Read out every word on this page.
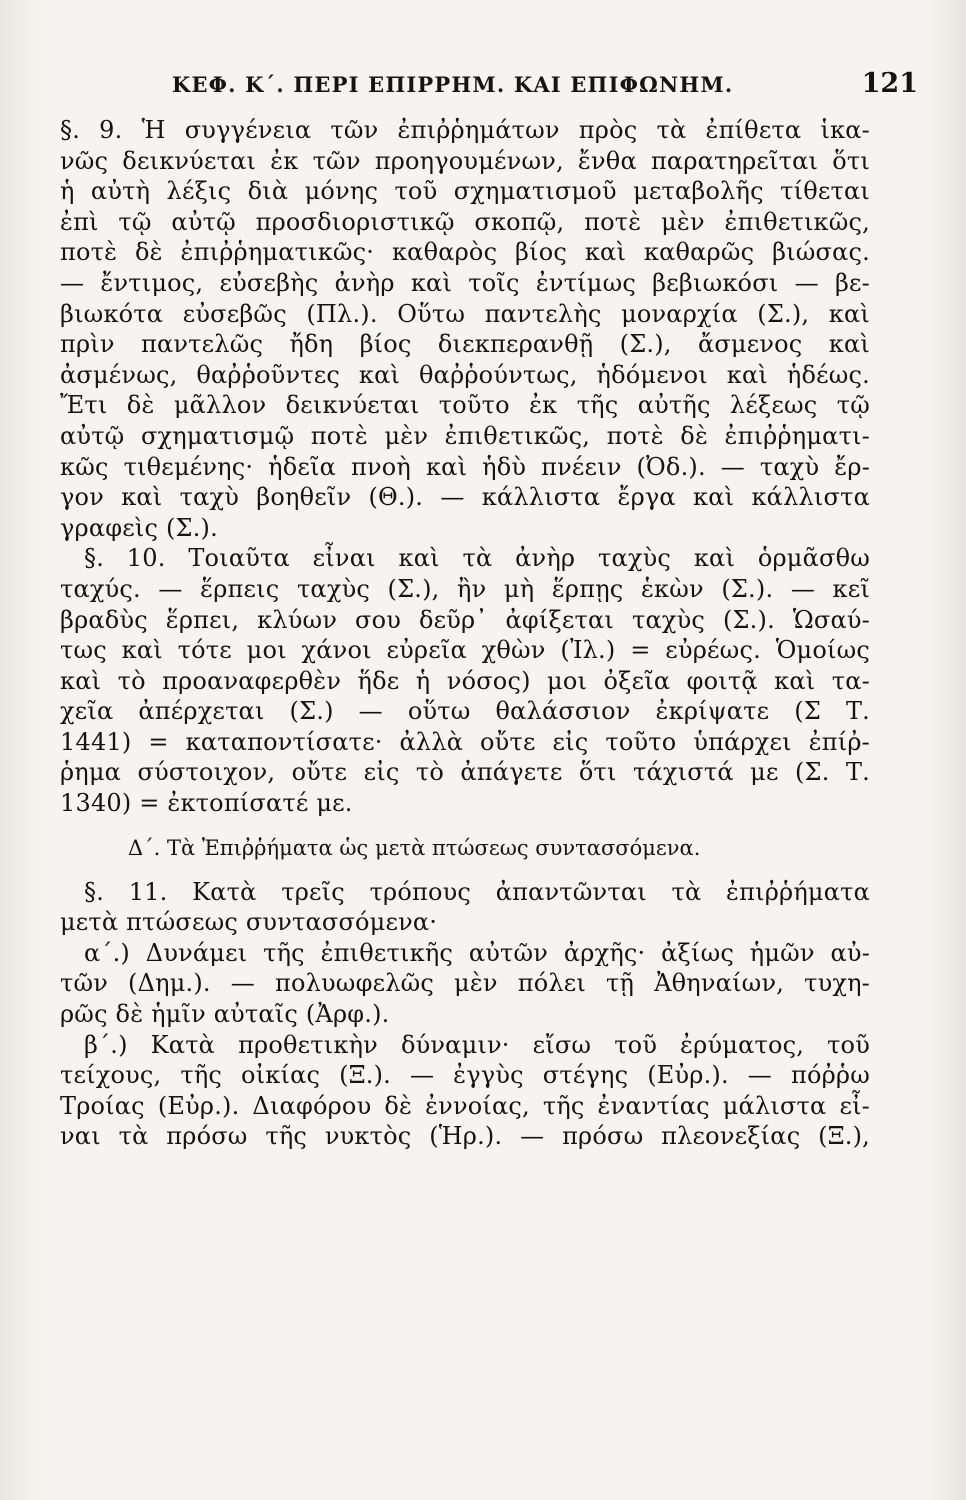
ΚΕΦ. Κ΄. ΠΕΡΙ ΕΠΙΡΡΗΜ. ΚΑΙ ΕΠΙΦΩΝΗΜ.	121
§. 9. Ἡ συγγένεια τῶν ἐπιῤῥημάτων πρὸς τὰ ἐπίθετα ἱκα-
νῶς δεικνύεται ἐκ τῶν προηγουμένων, ἔνθα παρατηρεῖται ὅτι
ἡ αὐτὴ λέξις διὰ μόνης τοῦ σχηματισμοῦ μεταβολῆς τίθεται
ἐπὶ τῷ αὐτῷ προσδιοριστικῷ σκοπῷ, ποτὲ μὲν ἐπιθετικῶς,
ποτὲ δὲ ἐπιῤῥηματικῶς· καθαρὸς βίος καὶ καθαρῶς βιώσας.
— ἔντιμος, εὐσεβὴς ἀνὴρ καὶ τοῖς ἐντίμως βεβιωκόσι — βε-
βιωκότα εὐσεβῶς (Πλ.). Οὕτω παντελὴς μοναρχία (Σ.), καὶ
πρὶν παντελῶς ἤδη βίος διεκπερανθῇ (Σ.), ἄσμενος καὶ
ἀσμένως, θαῤῥοῦντες καὶ θαῤῥούντως, ἡδόμενοι καὶ ἡδέως.
Ἔτι δὲ μᾶλλον δεικνύεται τοῦτο ἐκ τῆς αὐτῆς λέξεως τῷ
αὐτῷ σχηματισμῷ ποτὲ μὲν ἐπιθετικῶς, ποτὲ δὲ ἐπιῤῥηματι-
κῶς τιθεμένης· ἡδεῖα πνοὴ καὶ ἡδὺ πνέειν (Ὀδ.). — ταχὺ ἔρ-
γον καὶ ταχὺ βοηθεῖν (Θ.). — κάλλιστα ἔργα καὶ κάλλιστα
γραφεὶς (Σ.).
§. 10. Τοιαῦτα εἶναι καὶ τὰ ἀνὴρ ταχὺς καὶ ὁρμᾶσθω
ταχύς. — ἕρπεις ταχὺς (Σ.), ἢν μὴ ἕρπῃς ἑκὼν (Σ.). — κεῖ
βραδὺς ἕρπει, κλύων σου δεῦρ᾽ ἀφίξεται ταχὺς (Σ.). Ὡσαύ-
τως καὶ τότε μοι χάνοι εὐρεῖα χθὼν (Ἰλ.) = εὐρέως. Ὁμοίως
καὶ τὸ προαναφερθὲν ἥδε ἡ νόσος) μοι ὀξεῖα φοιτᾷ καὶ τα-
χεῖα ἀπέρχεται (Σ.) — οὕτω θαλάσσιον ἐκρίψατε (Σ Τ.
1441) = καταποντίσατε· ἀλλὰ οὔτε εἰς τοῦτο ὑπάρχει ἐπίῤ-
ῥημα σύστοιχον, οὔτε εἰς τὸ ἀπάγετε ὅτι τάχιστά με (Σ. Τ.
1340) = ἐκτοπίσατέ με.
Δ΄. Τὰ Ἐπιῤῥήματα ὡς μετὰ πτώσεως συντασσόμενα.
§. 11. Κατὰ τρεῖς τρόπους ἀπαντῶνται τὰ ἐπιῤῥήματα
μετὰ πτώσεως συντασσόμενα·
α΄.) Δυνάμει τῆς ἐπιθετικῆς αὐτῶν ἀρχῆς· ἀξίως ἡμῶν αὐ-
τῶν (Δημ.). — πολυωφελῶς μὲν πόλει τῇ Ἀθηναίων, τυχη-
ρῶς δὲ ἡμῖν αὐταῖς (Ἀρφ.).
β΄.) Κατὰ προθετικὴν δύναμιν· εἴσω τοῦ ἐρύματος, τοῦ
τείχους, τῆς οἰκίας (Ξ.). — ἐγγὺς στέγης (Εὐρ.). — πόῤῥω
Τροίας (Εὐρ.). Διαφόρου δὲ ἐννοίας, τῆς ἐναντίας μάλιστα εἶ-
ναι τὰ πρόσω τῆς νυκτὸς (Ἡρ.). — πρόσω πλεονεξίας (Ξ.),
